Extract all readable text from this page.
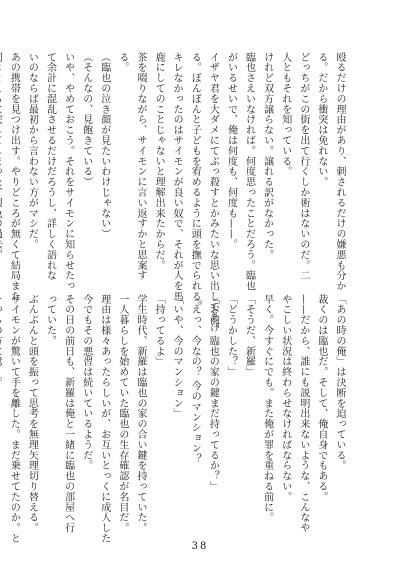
殴るだけの理由があり、刺されるだけの嫌悪も分か
る。だから衝突は免れない。
どっちがこの街を出て行くしか術はないのだ。二
人ともそれを知っている。
けれど双方譲らない。譲れる訳がなかった。
臨也さえいなければ。何度思ったことだろう。臨也
がいるせいで、俺は何度も、何度も——。
イザヤ君を大ダメにてぶっ殺すとかみたいな思い出してあげ
る。ぼんぼんと子どもを宥めるように頭を撫でられる。
キレなかったのはサイモンが良い奴で、それが人を馬
鹿にしてのことじゃないと理解出来たからだ。
茶を啜りながら、サイモンに言い返すかと思案す
る。
（臨也の泣き顔が見たいわけじゃない）
（そんなの、見飽きている）
いや、やめておこう。それをサイモンに知らせたっ
て余計に混乱させるだけだろうし、詳しく語れな
いのならば最初から言わない方がマシだ。
あの携帯を見つけ出す。やりどころが無くて結局また
「あの時の俺」は決断を迫っている。
裁くのは臨也だ。そして、俺自身でもある。
——だから、誰にも説明出来ないような、こんなや
やこしい状況は終わらせなければならない。
早く。今すぐにでも。また俺が罪を重ねる前に。
「そうだ、新羅」
「どうかした？」
「お前、臨也の家の鍵まだ持ってるか？」
「えっ、今なの？ 今のマンション？
「いや、今のマンション」
「持ってるよ」
学生時代、新羅は臨也の家の合い鍵を持っていた。
一人暮らしを始めていた臨也の生存確認が名目だ。
理由は様々あったらしいが、お互いとっくに成人した
今でもその悪習は続いているようだ。
その日の前日も、新羅は俺と一緒に臨也の部屋へ行
っていた。
ぶんぶんと頭を振って思考を無理矢理切り替える。
サイモンが驚いて手を離した。まだ乗せてたのか。と
38
